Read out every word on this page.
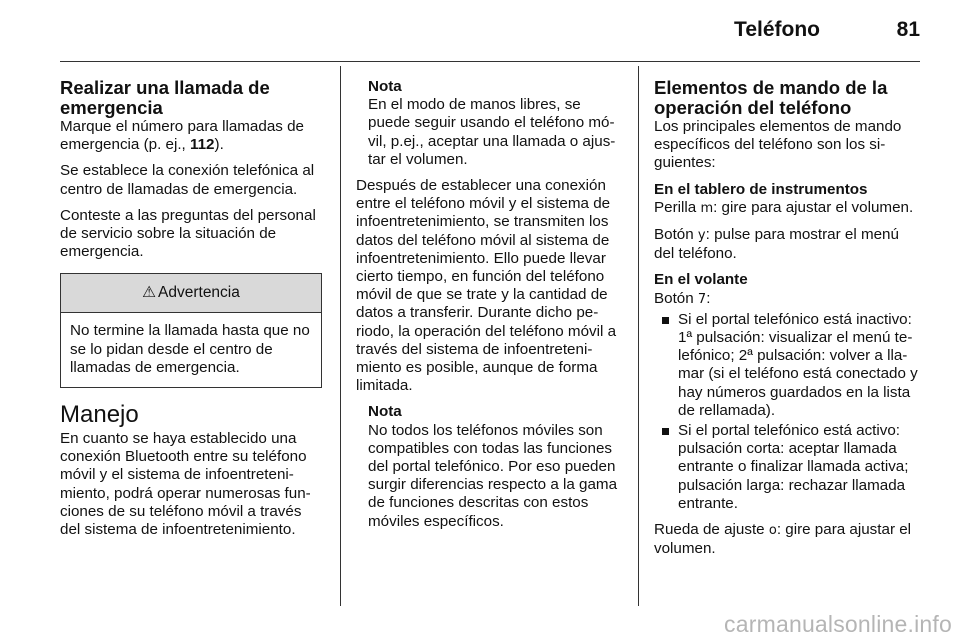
Teléfono	81
Realizar una llamada de emergencia

Marque el número para llamadas de emergencia (p. ej., 112).

Se establece la conexión telefónica al centro de llamadas de emergencia.

Conteste a las preguntas del personal de servicio sobre la situación de emergencia.

⚠ Advertencia
No termine la llamada hasta que no se lo pidan desde el centro de llamadas de emergencia.
Manejo

En cuanto se haya establecido una conexión Bluetooth entre su teléfono móvil y el sistema de infoentretenimiento, podrá operar numerosas funciones de su teléfono móvil a través del sistema de infoentretenimiento.

Nota
En el modo de manos libres, se puede seguir usando el teléfono móvil, p.ej., aceptar una llamada o ajustar el volumen.

Después de establecer una conexión entre el teléfono móvil y el sistema de infoentretenimiento, se transmiten los datos del teléfono móvil al sistema de infoentretenimiento. Ello puede llevar cierto tiempo, en función del teléfono móvil de que se trate y la cantidad de datos a transferir. Durante dicho periodo, la operación del teléfono móvil a través del sistema de infoentretenimiento es posible, aunque de forma limitada.

Nota
No todos los teléfonos móviles son compatibles con todas las funciones del portal telefónico. Por eso pueden surgir diferencias respecto a la gama de funciones descritas con estos móviles específicos.
Elementos de mando de la operación del teléfono

Los principales elementos de mando específicos del teléfono son los siguientes:

En el tablero de instrumentos

Perilla m: gire para ajustar el volumen.

Botón y: pulse para mostrar el menú del teléfono.

En el volante

Botón 7:

Si el portal telefónico está inactivo: 1ª pulsación: visualizar el menú telefónico; 2ª pulsación: volver a llamar (si el teléfono está conectado y hay números guardados en la lista de rellamada).
Si el portal telefónico está activo: pulsación corta: aceptar llamada entrante o finalizar llamada activa; pulsación larga: rechazar llamada entrante.

Rueda de ajuste o: gire para ajustar el volumen.

carmanualsonline.info
